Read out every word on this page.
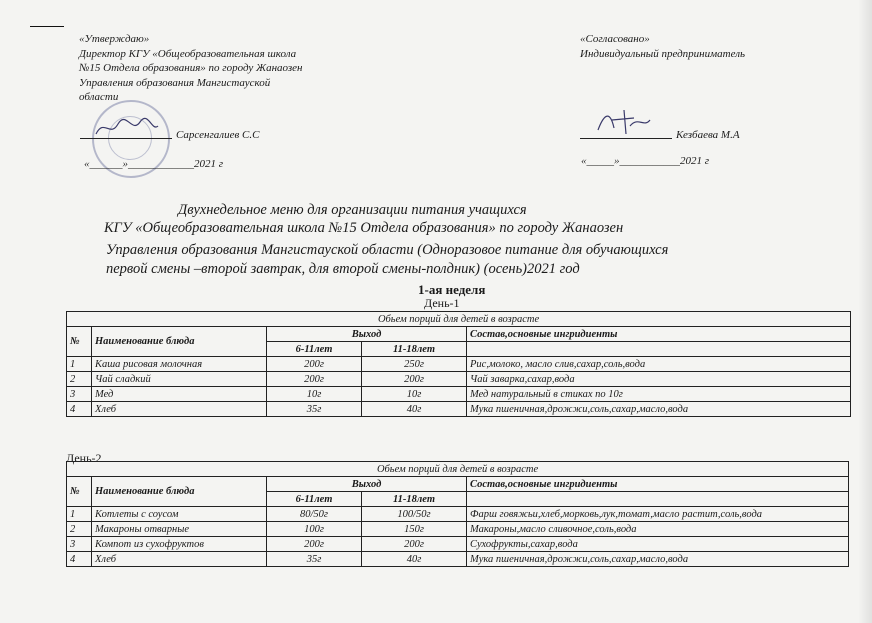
«Утверждаю»
Директор КГУ «Общеобразовательная школа
№15 Отдела образования» по городу Жанаозен
Управления образования Мангистауской
области
Сарсенгалиев С.С
«______»____________2021 г
«Согласовано»
Индивидуальный предприниматель
Кезбаева М.А
«_____»___________2021 г
Двухнедельное меню для организации питания учащихся
КГУ «Общеобразовательная школа №15 Отдела образования» по городу Жанаозен
Управления образования Мангистауской области (Одноразовое питание для обучающихся
первой смены –второй завтрак, для второй смены-полдник) (осень)2021 год
1-ая неделя
День-1
Обьем порций для детей в возрасте				
№	Наименование блюда	Выход		Состав,основные ингридиенты
		6-11лет	11-18лет	
1	Каша рисовая молочная	200г	250г	Рис,молоко, масло слив,сахар,соль,вода
2	Чай сладкий	200г	200г	Чай заварка,сахар,вода
3	Мед	10г	10г	Мед натуральный в стиках по 10г
4	Хлеб	35г	40г	Мука пшеничная,дрожжи,соль,сахар,масло,вода
День-2
Обьем порций для детей в возрасте				
№	Наименование блюда	Выход		Состав,основные ингридиенты
		6-11лет	11-18лет	
1	Котлеты с соусом	80/50г	100/50г	Фарш говяжьи,хлеб,морковь,лук,томат,масло растит,соль,вода
2	Макароны отварные	100г	150г	Макароны,масло сливочное,соль,вода
3	Компот из сухофруктов	200г	200г	Сухофрукты,сахар,вода
4	Хлеб	35г	40г	Мука пшеничная,дрожжи,соль,сахар,масло,вода
